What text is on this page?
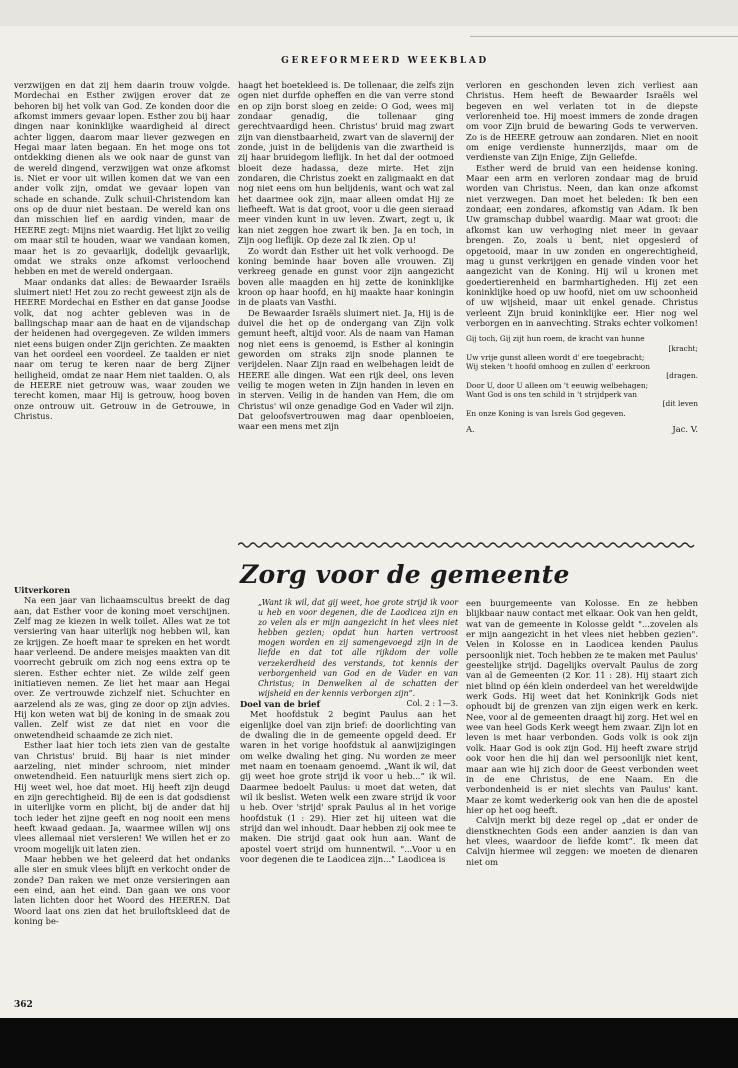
GEREFORMEERD WEEKBLAD

verzwijgen en dat zij hem daarin trouw volgde. Mordechai en Esther zwijgen erover dat ze behoren bij het volk van God. Ze konden door die afkomst immers gevaar lopen. Esther zou bij haar dingen naar koninklijke waardigheid al direct achter liggen, daarom maar liever gezwegen en Hegai maar laten begaan. En het moge ons tot ontdekking dienen als we ook naar de gunst van de wereld dingend, verzwijgen wat onze afkomst is. Niet er voor uit willen komen dat we van een ander volk zijn, omdat we gevaar lopen van schade en schande. Zulk schuil-Christendom kan ons op de duur niet bestaan. De wereld kan ons dan misschien lief en aardig vinden, maar de HEERE zegt: Mijns niet waardig. Het lijkt zo veilig om maar stil te houden, waar we vandaan komen, maar het is zo gevaarlijk, dodelijk gevaarlijk, omdat we straks onze afkomst verloochend hebben en met de wereld ondergaan.

Maar ondanks dat alles: de Bewaarder Israëls sluimert niet! Het zou zo recht geweest zijn als de HEERE Mordechai en Esther en dat ganse Joodse volk, dat nog achter gebleven was in de ballingschap maar aan de haat en de vijandschap der heidenen had overgegeven. Ze wilden immers niet eens buigen onder Zijn gerichten. Ze maakten van het oordeel een voordeel. Ze taalden er niet naar om terug te keren naar de berg Zijner heiligheid, omdat ze naar Hem niet taalden. O, als de HEERE niet getrouw was, waar zouden we terecht komen, maar Hij is getrouw, hoog boven onze ontrouw uit. Getrouw in de Getrouwe, in Christus.

haagt het boetekleed is. De tollenaar, die zelfs zijn ogen niet durfde opheffen en die van verre stond en op zijn borst sloeg en zeide: O God, wees mij zondaar genadig, die tollenaar ging gerechtvaardigd heen. Christus' bruid mag zwart zijn van dienstbaarheid, zwart van de slavernij der zonde, juist in de belijdenis van die zwartheid is zij haar bruidegom lieflijk. In het dal der ootmoed bloeit deze hadassa, deze mirte. Het zijn zondaren, die Christus zoekt en zaligmaakt en dat nog niet eens om hun belijdenis, want och wat zal het daarmee ook zijn, maar alleen omdat Hij ze liefheeft. Wat is dat groot, voor u die geen sieraad meer vinden kunt in uw leven. Zwart, zegt u, ik kan niet zeggen hoe zwart ik ben. Ja en toch, in Zijn oog lieflijk. Op deze zal Ik zien. Op u!

Zo wordt dan Esther uit het volk verhoogd. De koning beminde haar boven alle vrouwen. Zij verkreeg genade en gunst voor zijn aangezicht boven alle maagden en hij zette de koninklijke kroon op haar hoofd, en hij maakte haar koningin in de plaats van Vasthi.

De Bewaarder Israëls sluimert niet. Ja, Hij is de duivel die het op de ondergang van Zijn volk gemunt heeft, altijd voor. Als de naam van Haman nog niet eens is genoemd, is Esther al koningin geworden om straks zijn snode plannen te verijdelen. Naar Zijn raad en welbehagen leidt de HEERE alle dingen. Wat een rijk deel, ons leven veilig te mogen weten in Zijn handen in leven en in sterven. Veilig in de handen van Hem, die om Christus' wil onze genadige God en Vader wil zijn. Dat geloofsvertrouwen mag daar openbloeien, waar een mens met zijn

verloren en geschonden leven zich verliest aan Christus. Hem heeft de Bewaarder Israëls wel begeven en wel verlaten tot in de diepste verlorenheid toe. Hij moest immers de zonde dragen om voor Zijn bruid de bewaring Gods te verwerven. Zo is de HEERE getrouw aan zondaren. Niet en nooit om enige verdienste hunnerzijds, maar om de verdienste van Zijn Enige, Zijn Geliefde.

Esther werd de bruid van een heidense koning. Maar een arm en verloren zondaar mag de bruid worden van Christus. Neen, dan kan onze afkomst niet verzwegen. Dan moet het beleden: Ik ben een zondaar, een zondares, afkomstig van Adam. Ik ben Uw gramschap dubbel waardig. Maar wat groot: die afkomst kan uw verhoging niet meer in gevaar brengen. Zo, zoals u bent, niet opgesierd of opgetooid, maar in uw zonden en ongerechtigheid, mag u gunst verkrijgen en genade vinden voor het aangezicht van de Koning. Hij wil u kronen met goedertierenheid en barmhartigheden. Hij zet een koninklijke hoed op uw hoofd, niet om uw schoonheid of uw wijsheid, maar uit enkel genade. Christus verleent Zijn bruid koninklijke eer. Hier nog wel verborgen en in aanvechting. Straks echter volkomen!

Gij toch, Gij zijt hun roem, de kracht van hunne
[kracht;
Uw vrije gunst alleen wordt d' ere toegebracht;
Wij steken 't hoofd omhoog en zullen d' eerkroon
[dragen.
Door U, door U alleen om 't eeuwig welbehagen;
Want God is ons ten schild in 't strijdperk van
[dit leven
En onze Koning is van Isrels God gegeven.
A.	Jac. V.
Zorg voor de gemeente

Uitverkoren

Na een jaar van lichaamscultus breekt de dag aan, dat Esther voor de koning moet verschijnen. Zelf mag ze kiezen in welk toilet. Alles wat ze tot versiering van haar uiterlijk nog hebben wil, kan ze krijgen. Ze hoeft maar te spreken en het wordt haar verleend. De andere meisjes maakten van dit voorrecht gebruik om zich nog eens extra op te sieren. Esther echter niet. Ze wilde zelf geen initiatieven nemen. Ze liet het maar aan Hegai over. Ze vertrouwde zichzelf niet. Schuchter en aarzelend als ze was, ging ze door op zijn advies. Hij kon weten wat bij de koning in de smaak zou vallen. Zelf wist ze dat niet en voor die onwetendheid schaamde ze zich niet.

Esther laat hier toch iets zien van de gestalte van Christus' bruid. Bij haar is niet minder aarzeling, niet minder schroom, niet minder onwetendheid. Een natuurlijk mens siert zich op. Hij weet wel, hoe dat moet. Hij heeft zijn deugd en zijn gerechtigheid. Bij de een is dat godsdienst in uiterlijke vorm en plicht, bij de ander dat hij toch ieder het zijne geeft en nog nooit een mens heeft kwaad gedaan. Ja, waarmee willen wij ons vlees allemaal niet versieren! We willen het er zo vroom mogelijk uit laten zien.

Maar hebben we het geleerd dat het ondanks alle sier en smuk vlees blijft en verkocht onder de zonde? Dan raken we met onze versieringen aan een eind, aan het eind. Dan gaan we ons voor laten lichten door het Woord des HEEREN. Dat Woord laat ons zien dat het bruiloftskleed dat de koning be-

„Want ik wil, dat gij weet, hoe grote strijd ik voor u heb en voor degenen, die de Laodicea zijn en zo velen als er mijn aangezicht in het vlees niet hebben gezien; opdat hun harten vertroost mogen worden en zij samengevoegd zijn in de liefde en dat tot alle rijkdom der volle verzekerdheid des verstands, tot kennis der verborgenheid van God en de Vader en van Christus; in Denwelken al de schatten der wijsheid en der kennis verborgen zijn”.
Col. 2 : 1—3.

Doel van de brief

Met hoofdstuk 2 begint Paulus aan het eigenlijke doel van zijn brief: de doorlichting van de dwaling die in de gemeente opgeld deed. Er waren in het vorige hoofdstuk al aanwijzigingen om welke dwaling het ging. Nu worden ze meer met naam en toenaam genoemd. „Want ik wil, dat gij weet hoe grote strijd ik voor u heb...” ik wil. Daarmee bedoelt Paulus: u moet dat weten, dat wil ik beslist. Weten welk een zware strijd ik voor u heb. Over 'strijd' sprak Paulus al in het vorige hoofdstuk (1 : 29). Hier zet hij uiteen wat die strijd dan wel inhoudt. Daar hebben zij ook mee te maken. Die strijd gaat ook hun aan. Want de apostel voert strijd om hunnentwil. "...Voor u en voor degenen die te Laodicea zijn..." Laodicea is

een buurgemeente van Kolosse. En ze hebben blijkbaar nauw contact met elkaar. Ook van hen geldt, wat van de gemeente in Kolosse geldt "...zovelen als er mijn aangezicht in het vlees niet hebben gezien". Velen in Kolosse en in Laodicea kenden Paulus persoonlijk niet. Toch hebben ze te maken met Paulus' geestelijke strijd. Dagelijks overvalt Paulus de zorg van al de Gemeenten (2 Kor. 11 : 28). Hij staart zich niet blind op één klein onderdeel van het wereldwijde werk Gods. Hij weet dat het Koninkrijk Gods niet ophoudt bij de grenzen van zijn eigen werk en kerk. Nee, voor al de gemeenten draagt hij zorg. Het wel en wee van heel Gods Kerk weegt hem zwaar. Zijn lot en leven is met haar verbonden. Gods volk is ook zijn volk. Haar God is ook zijn God. Hij heeft zware strijd ook voor hen die hij dan wel persoonlijk niet kent, maar aan wie hij zich door de Geest verbonden weet in de ene Christus, de ene Naam. En die verbondenheid is er niet slechts van Paulus' kant. Maar ze komt wederkerig ook van hen die de apostel hier op het oog heeft.

Calvijn merkt bij deze regel op „dat er onder de dienstknechten Gods een ander aanzien is dan van het vlees, waardoor de liefde komt”. Ik meen dat Calvijn hiermee wil zeggen: we moeten de dienaren niet om

362
